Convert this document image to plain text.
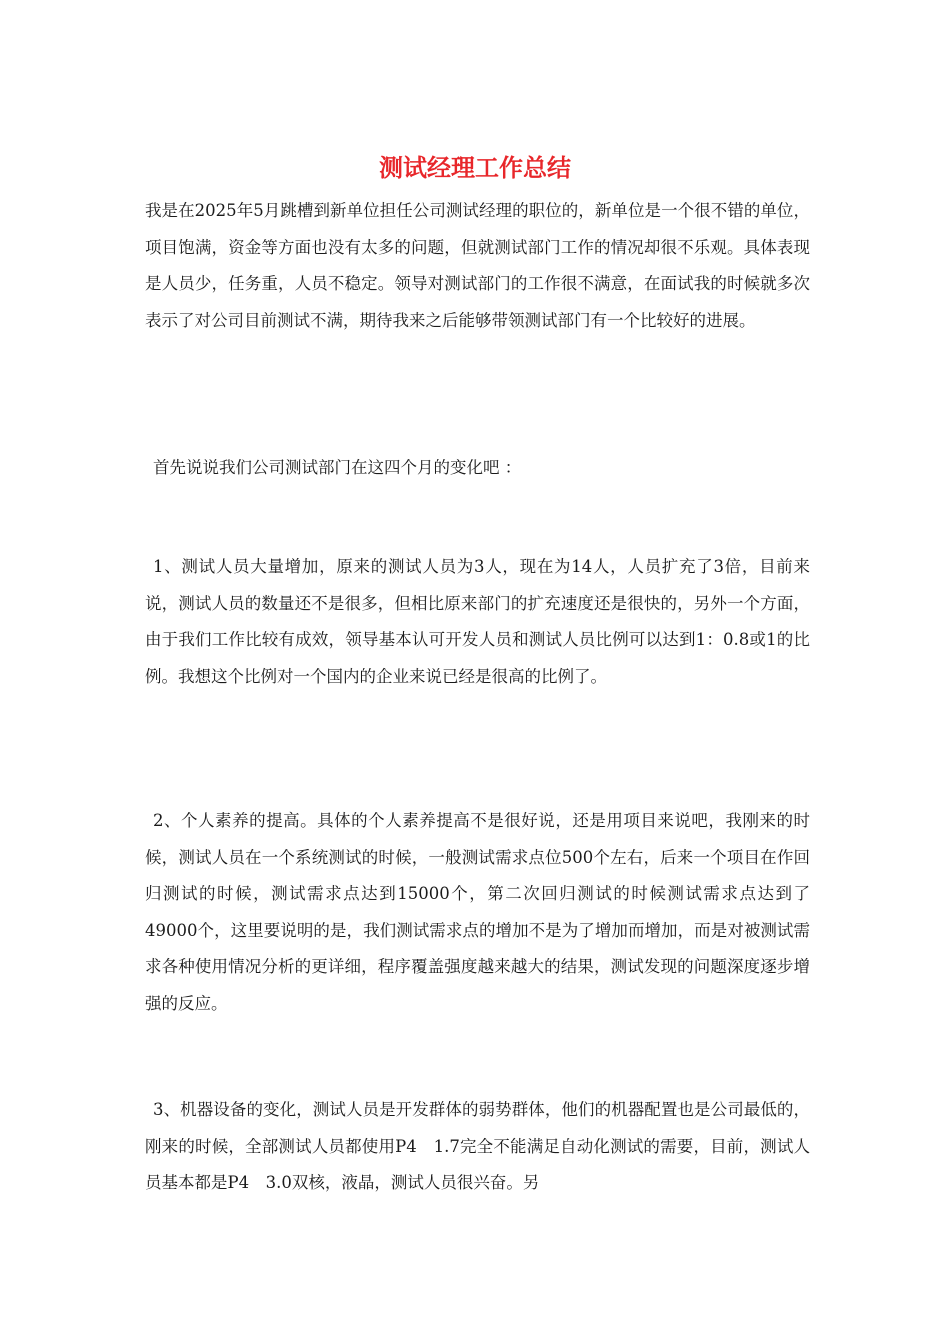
测试经理工作总结

我是在2025年5月跳槽到新单位担任公司测试经理的职位的，新单位是一个很不错的单位，项目饱满，资金等方面也没有太多的问题，但就测试部门工作的情况却很不乐观。具体表现是人员少，任务重，人员不稳定。领导对测试部门的工作很不满意，在面试我的时候就多次表示了对公司目前测试不满，期待我来之后能够带领测试部门有一个比较好的进展。

首先说说我们公司测试部门在这四个月的变化吧 ：

1、测试人员大量增加，原来的测试人员为3人，现在为14人，人员扩充了3倍，目前来说，测试人员的数量还不是很多，但相比原来部门的扩充速度还是很快的，另外一个方面，由于我们工作比较有成效，领导基本认可开发人员和测试人员比例可以达到1：0.8或1的比例。我想这个比例对一个国内的企业来说已经是很高的比例了。

2、个人素养的提高。具体的个人素养提高不是很好说，还是用项目来说吧，我刚来的时候，测试人员在一个系统测试的时候，一般测试需求点位500个左右，后来一个项目在作回归测试的时候，测试需求点达到15000个，第二次回归测试的时候测试需求点达到了49000个，这里要说明的是，我们测试需求点的增加不是为了增加而增加，而是对被测试需求各种使用情况分析的更详细，程序覆盖强度越来越大的结果，测试发现的问题深度逐步增强的反应。

3、机器设备的变化，测试人员是开发群体的弱势群体，他们的机器配置也是公司最低的，刚来的时候，全部测试人员都使用P4　1.7完全不能满足自动化测试的需要，目前，测试人员基本都是P4　3.0双核，液晶，测试人员很兴奋。另
